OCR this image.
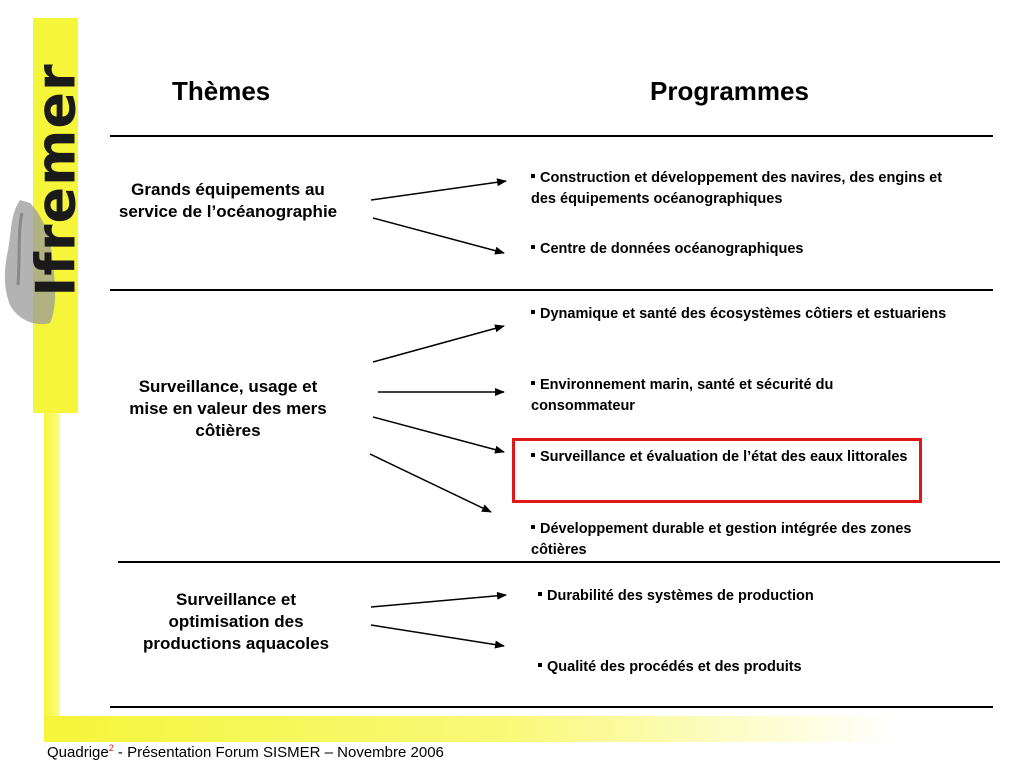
Ifremer	Thèmes	Programmes
Grands équipements au service de l’océanographie
Surveillance, usage et mise en valeur des mers côtières
Surveillance et optimisation des productions aquacoles
Construction et développement des navires, des engins et des équipements océanographiques
Centre de données océanographiques
Dynamique et santé des écosystèmes côtiers et estuariens
Environnement marin, santé et sécurité du consommateur
Surveillance et évaluation de l’état des eaux littorales
Développement durable et gestion intégrée des zones côtières
Durabilité des systèmes de production
Qualité des procédés et des produits
Quadrige$^2$ - Présentation Forum SISMER – Novembre 2006
